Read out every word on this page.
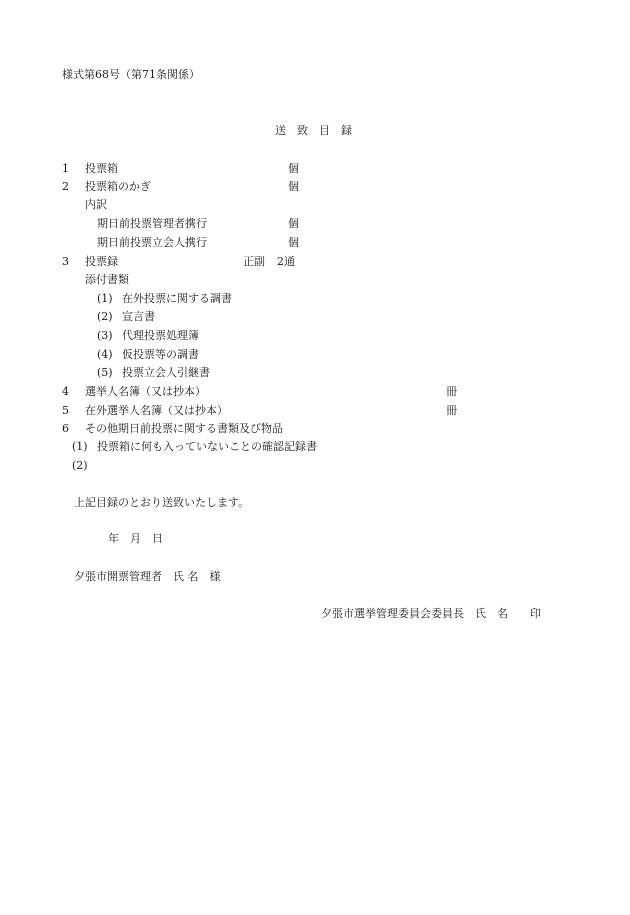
様式第68号（第71条関係）
送　致　目　録
1 投票箱	個
2 投票箱のかぎ	個
内訳
期日前投票管理者携行	個
期日前投票立会人携行	個
3 投票録	正副 2通
添付書類
(1) 在外投票に関する調書
(2) 宣言書
(3) 代理投票処理簿
(4) 仮投票等の調書
(5) 投票立会人引継書
4 選挙人名簿（又は抄本）	冊
5 在外選挙人名簿（又は抄本）	冊
6 その他期日前投票に関する書類及び物品
(1) 投票箱に何も入っていないことの確認記録書
(2)
上記目録のとおり送致いたします。
年　月　日
夕張市開票管理者　氏 名　様
夕張市選挙管理委員会委員長　氏　名　　印
